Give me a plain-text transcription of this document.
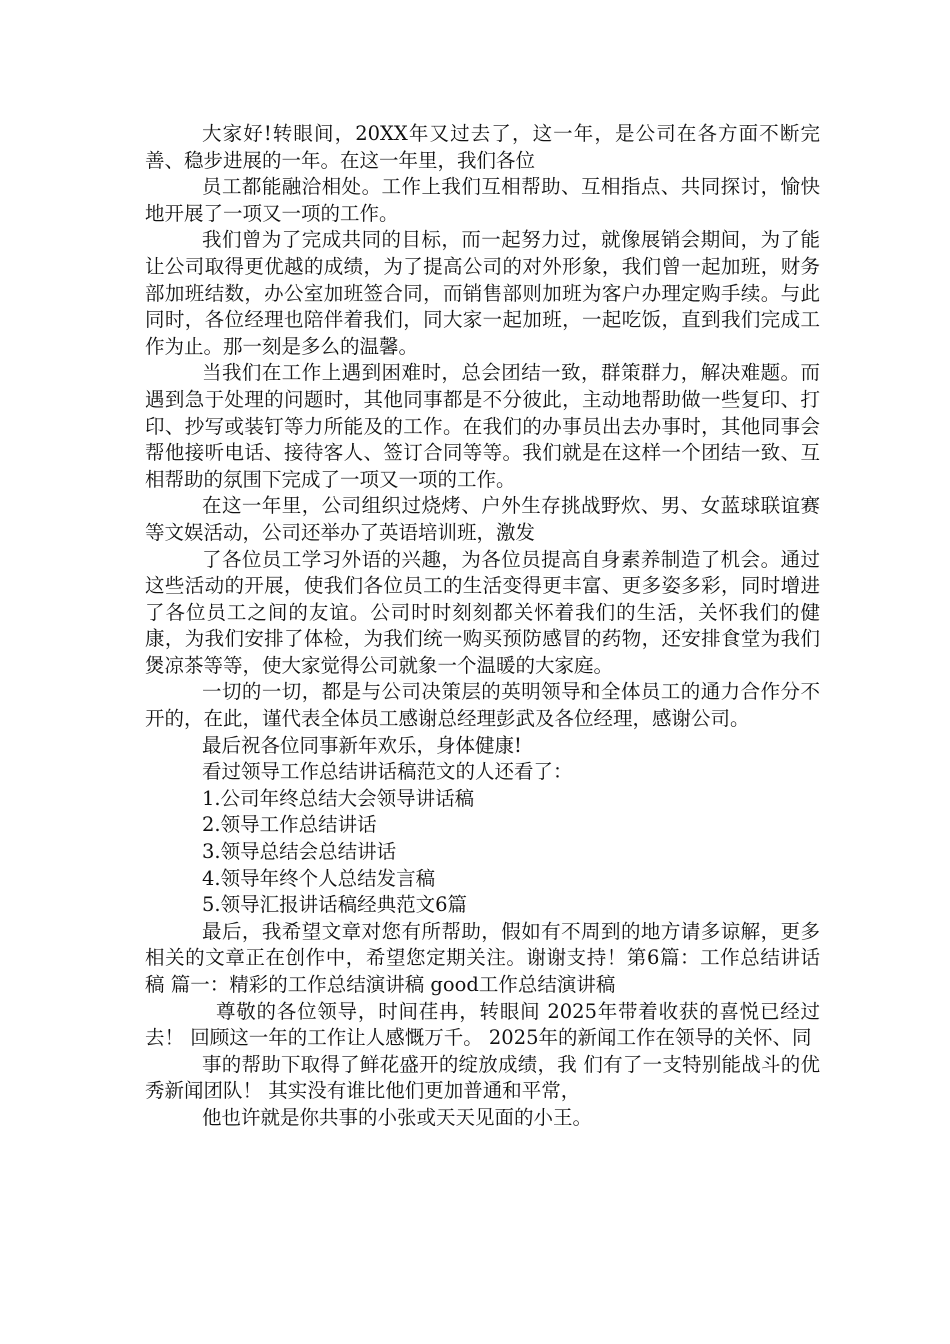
大家好!转眼间，20XX年又过去了，这一年，是公司在各方面不断完善、稳步进展的一年。在这一年里，我们各位

员工都能融洽相处。工作上我们互相帮助、互相指点、共同探讨，愉快地开展了一项又一项的工作。

我们曾为了完成共同的目标，而一起努力过，就像展销会期间，为了能让公司取得更优越的成绩，为了提高公司的对外形象，我们曾一起加班，财务部加班结数，办公室加班签合同，而销售部则加班为客户办理定购手续。与此同时，各位经理也陪伴着我们，同大家一起加班，一起吃饭，直到我们完成工作为止。那一刻是多么的温馨。

当我们在工作上遇到困难时，总会团结一致，群策群力，解决难题。而遇到急于处理的问题时，其他同事都是不分彼此，主动地帮助做一些复印、打印、抄写或装钉等力所能及的工作。在我们的办事员出去办事时，其他同事会帮他接听电话、接待客人、签订合同等等。我们就是在这样一个团结一致、互相帮助的氛围下完成了一项又一项的工作。

在这一年里，公司组织过烧烤、户外生存挑战野炊、男、女蓝球联谊赛等文娱活动，公司还举办了英语培训班，激发

了各位员工学习外语的兴趣，为各位员提高自身素养制造了机会。通过这些活动的开展，使我们各位员工的生活变得更丰富、更多姿多彩，同时增进了各位员工之间的友谊。公司时时刻刻都关怀着我们的生活，关怀我们的健康，为我们安排了体检，为我们统一购买预防感冒的药物，还安排食堂为我们煲凉茶等等，使大家觉得公司就象一个温暖的大家庭。

一切的一切，都是与公司决策层的英明领导和全体员工的通力合作分不开的，在此，谨代表全体员工感谢总经理彭武及各位经理，感谢公司。

最后祝各位同事新年欢乐，身体健康!

看过领导工作总结讲话稿范文的人还看了：

1.公司年终总结大会领导讲话稿

2.领导工作总结讲话

3.领导总结会总结讲话

4.领导年终个人总结发言稿

5.领导汇报讲话稿经典范文6篇

最后，我希望文章对您有所帮助，假如有不周到的地方请多谅解，更多相关的文章正在创作中，希望您定期关注。谢谢支持！第6篇：工作总结讲话稿 篇一：精彩的工作总结演讲稿 good工作总结演讲稿

尊敬的各位领导，时间荏冉，转眼间 2025年带着收获的喜悦已经过去！ 回顾这一年的工作让人感慨万千。 2025年的新闻工作在领导的关怀、同

事的帮助下取得了鲜花盛开的绽放成绩，我 们有了一支特别能战斗的优秀新闻团队！ 其实没有谁比他们更加普通和平常，

他也许就是你共事的小张或天天见面的小王。
